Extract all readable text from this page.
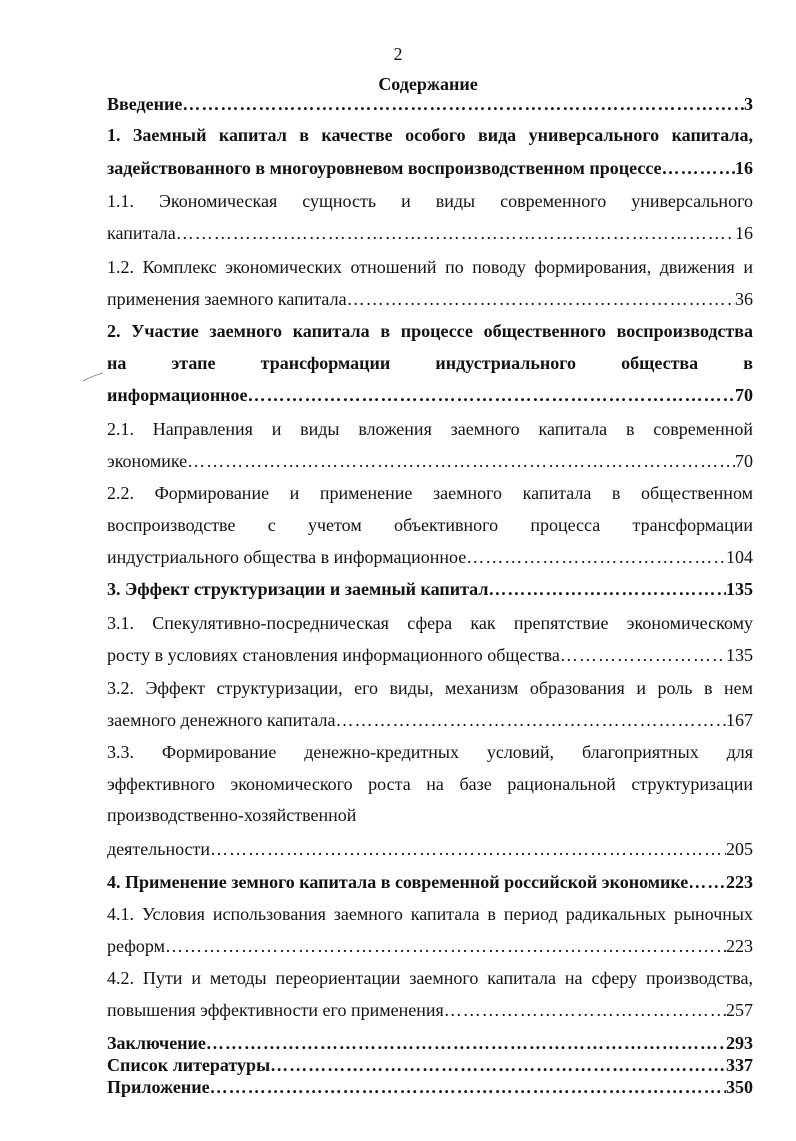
2
Содержание
Введение ……………………………………………………………………………………………………………………………………………………	3
1. Заемный капитал в качестве особого вида универсального капитала,
задействованного в многоуровневом воспроизводственном процессе ……………………………………………………………………………………………………………………………………………………	16
1.1. Экономическая сущность и виды современного универсального
капитала ……………………………………………………………………………………………………………………………………………………	16
1.2. Комплекс экономических отношений по поводу формирования, движения и
применения заемного капитала ……………………………………………………………………………………………………………………………………………………	36
2. Участие заемного капитала в процессе общественного воспроизводства
на этапе трансформации индустриального общества в
информационное ……………………………………………………………………………………………………………………………………………………	70
2.1. Направления и виды вложения заемного капитала в современной
экономике ……………………………………………………………………………………………………………………………………………………	70
2.2. Формирование и применение заемного капитала в общественном
воспроизводстве с учетом объективного процесса трансформации
индустриального общества в информационное ……………………………………………………………………………………………………………………………………………………	104
3. Эффект структуризации и заемный капитал ……………………………………………………………………………………………………………………………………………………	135
3.1. Спекулятивно-посредническая сфера как препятствие экономическому
росту в условиях становления информационного общества ……………………………………………………………………………………………………………………………………………………	135
3.2. Эффект структуризации, его виды, механизм образования и роль в нем
заемного денежного капитала ……………………………………………………………………………………………………………………………………………………	167
3.3. Формирование денежно-кредитных условий, благоприятных для
эффективного экономического роста на базе рациональной структуризации
производственно-хозяйственной
деятельности ……………………………………………………………………………………………………………………………………………………	205
4. Применение земного капитала в современной российской экономике …………………………………………………………………………………………………………………………………………………… 223
4.1. Условия использования заемного капитала в период радикальных рыночных
реформ ……………………………………………………………………………………………………………………………………………………	223
4.2. Пути и методы переориентации заемного капитала на сферу производства,
повышения эффективности его применения ……………………………………………………………………………………………………………………………………………………	257
Заключение ……………………………………………………………………………………………………………………………………………………	293
Список литературы ……………………………………………………………………………………………………………………………………………………	337
Приложение ……………………………………………………………………………………………………………………………………………………	350
